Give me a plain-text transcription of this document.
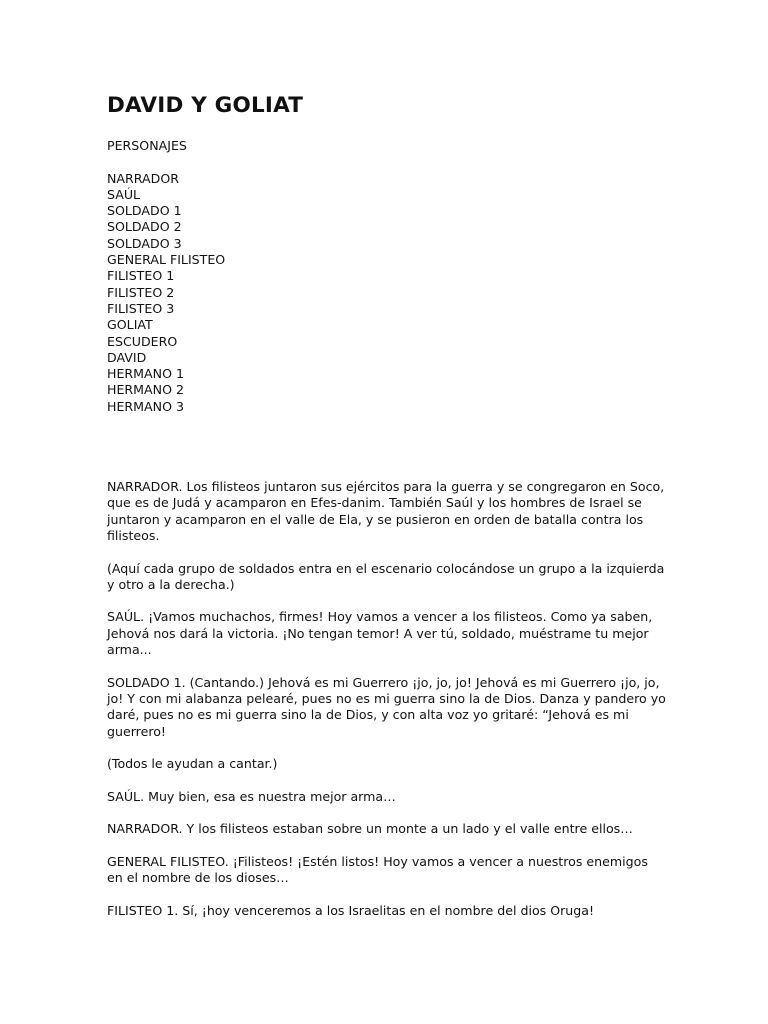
DAVID Y GOLIAT
PERSONAJES
NARRADOR
SAÚL
SOLDADO 1
SOLDADO 2
SOLDADO 3
GENERAL FILISTEO
FILISTEO 1
FILISTEO 2
FILISTEO 3
GOLIAT
ESCUDERO
DAVID
HERMANO 1
HERMANO 2
HERMANO 3

NARRADOR. Los filisteos juntaron sus ejércitos para la guerra y se congregaron en Soco, que es de Judá y acamparon en Efes-danim. También Saúl y los hombres de Israel se juntaron y acamparon en el valle de Ela, y se pusieron en orden de batalla contra los filisteos.

(Aquí cada grupo de soldados entra en el escenario colocándose un grupo a la izquierda y otro a la derecha.)

SAÚL. ¡Vamos muchachos, firmes! Hoy vamos a vencer a los filisteos. Como ya saben, Jehová nos dará la victoria. ¡No tengan temor! A ver tú, soldado, muéstrame tu mejor arma...

SOLDADO 1. (Cantando.) Jehová es mi Guerrero ¡jo, jo, jo! Jehová es mi Guerrero ¡jo, jo, jo! Y con mi alabanza pelearé, pues no es mi guerra sino la de Dios. Danza y pandero yo daré, pues no es mi guerra sino la de Dios, y con alta voz yo gritaré: “Jehová es mi guerrero!

(Todos le ayudan a cantar.)

SAÚL. Muy bien, esa es nuestra mejor arma…

NARRADOR. Y los filisteos estaban sobre un monte a un lado y el valle entre ellos…

GENERAL FILISTEO. ¡Filisteos! ¡Estén listos! Hoy vamos a vencer a nuestros enemigos en el nombre de los dioses…

FILISTEO 1. Sí, ¡hoy venceremos a los Israelitas en el nombre del dios Oruga!
